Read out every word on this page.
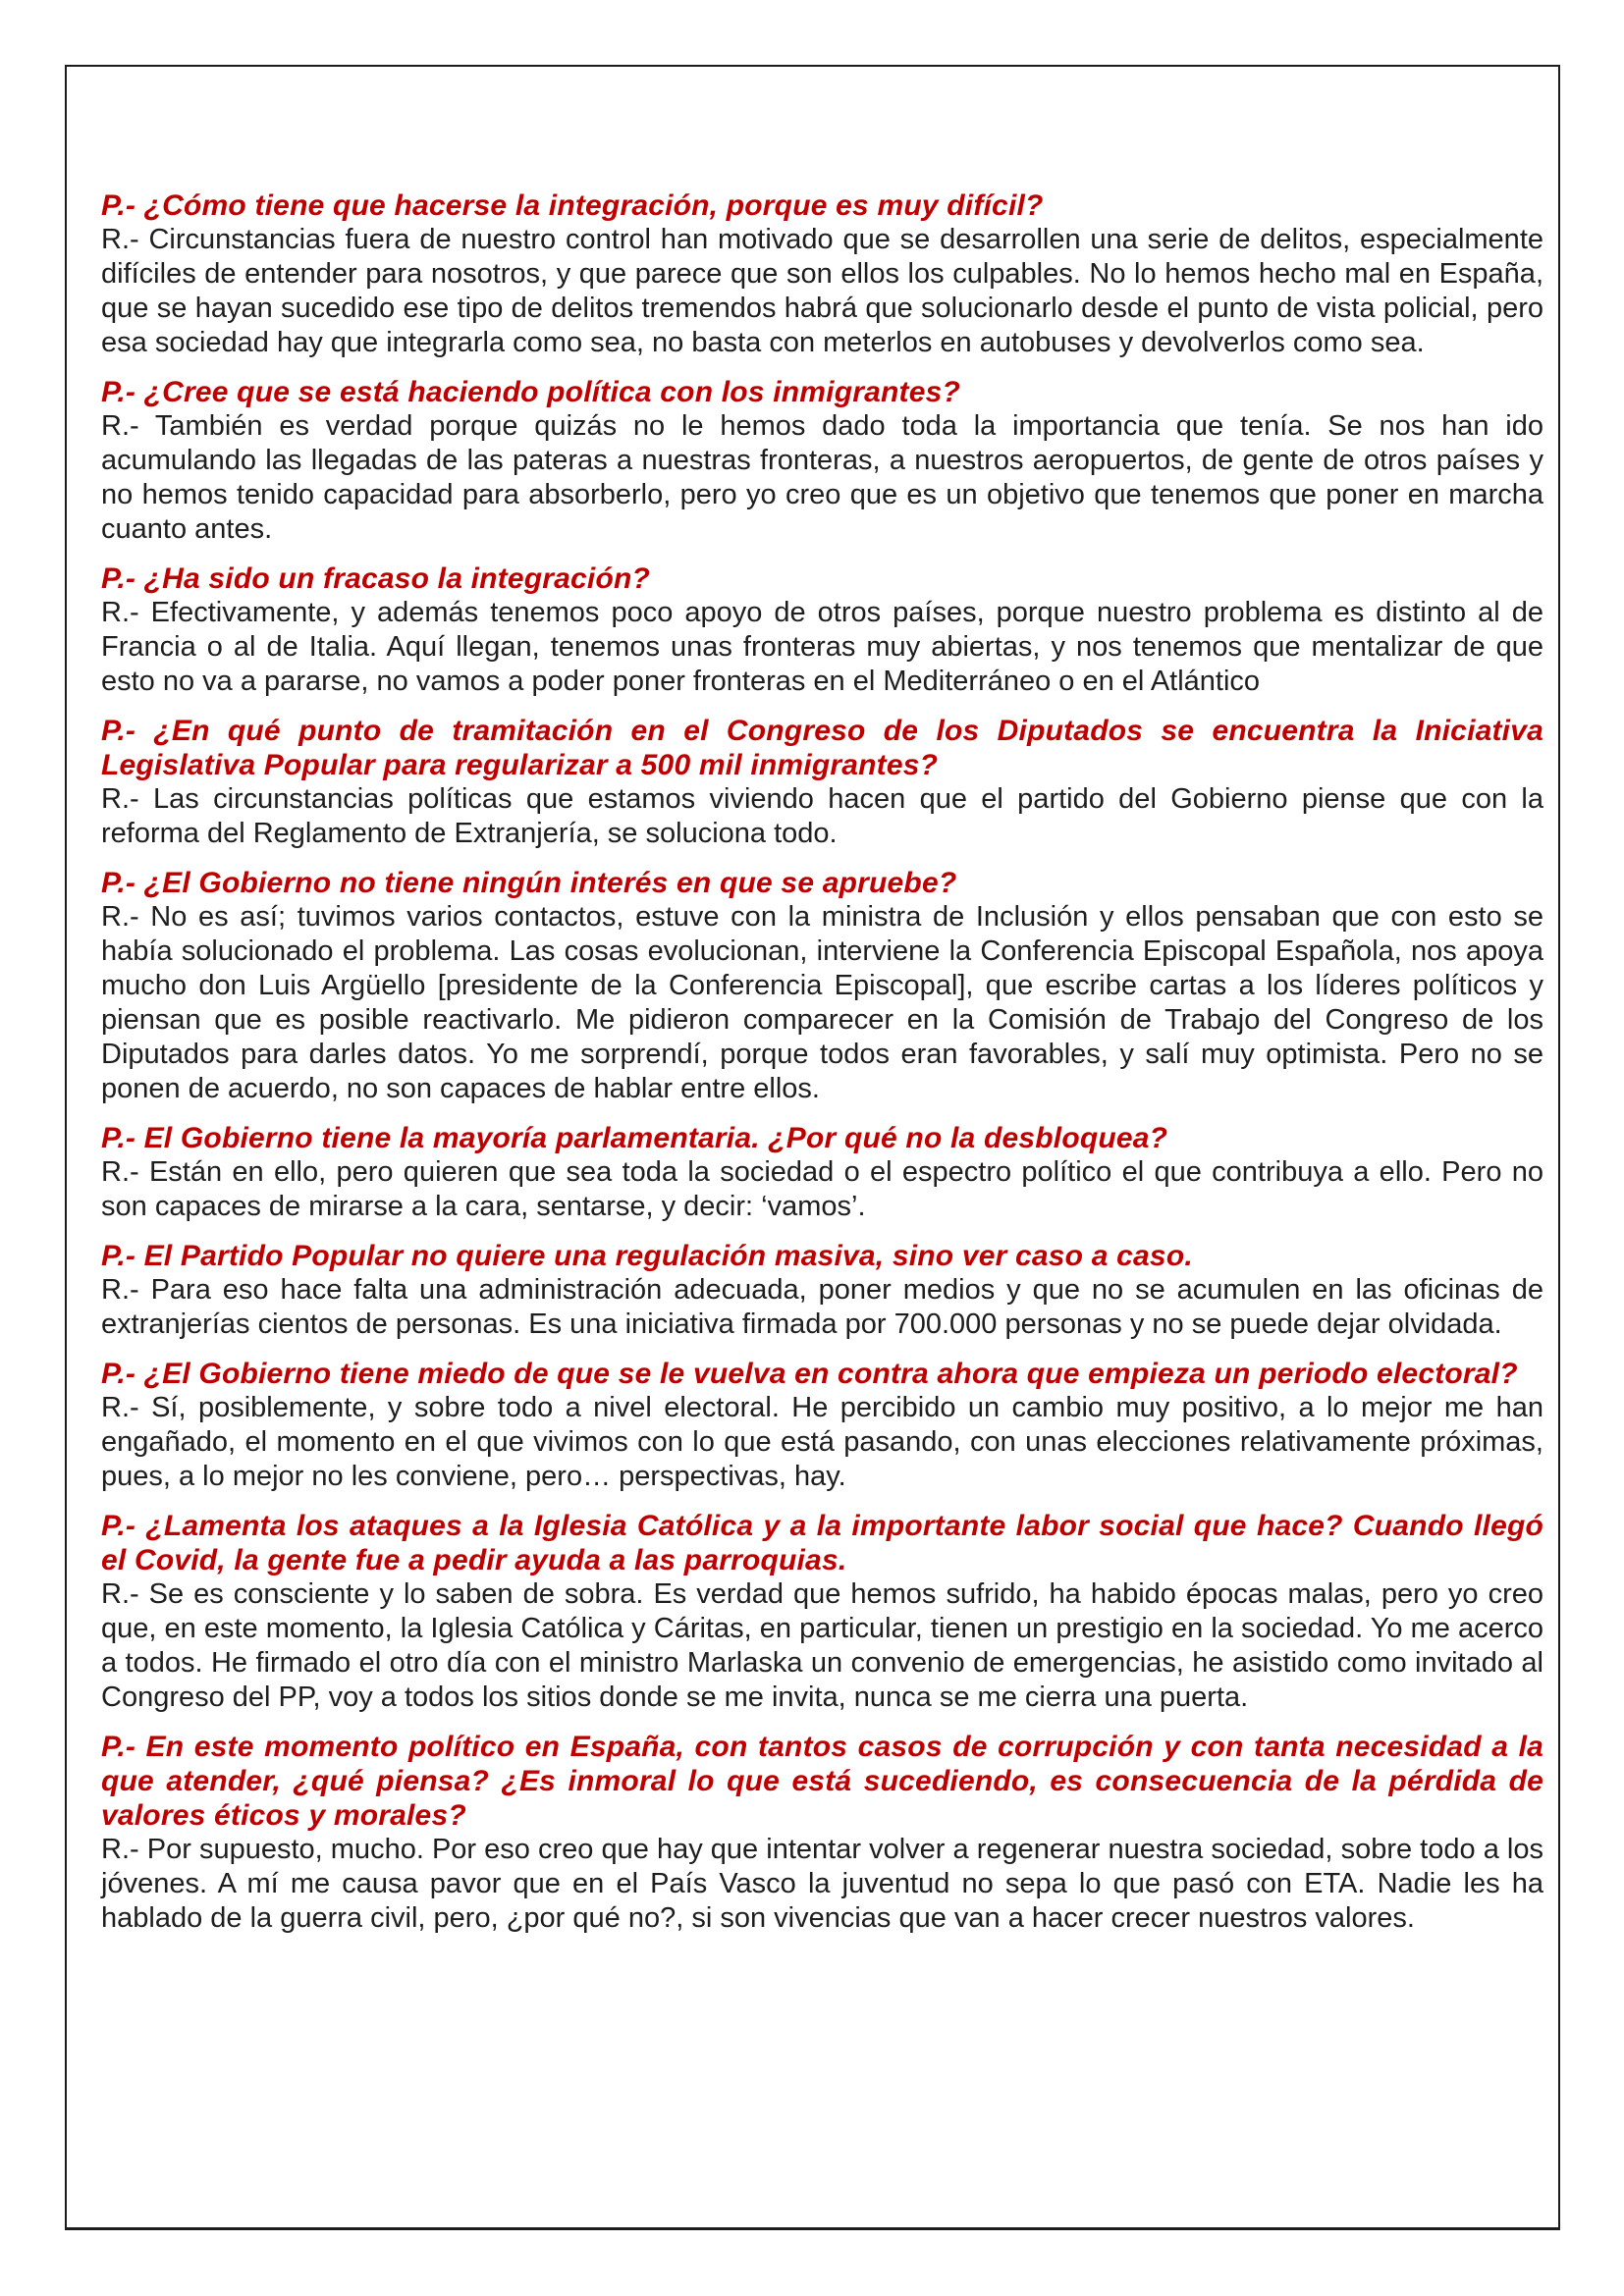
P.- ¿Cómo tiene que hacerse la integración, porque es muy difícil?

R.- Circunstancias fuera de nuestro control han motivado que se desarrollen una serie de delitos, especialmente difíciles de entender para nosotros, y que parece que son ellos los culpables. No lo hemos hecho mal en España, que se hayan sucedido ese tipo de delitos tremendos habrá que solucionarlo desde el punto de vista policial, pero esa sociedad hay que integrarla como sea, no basta con meterlos en autobuses y devolverlos como sea.

P.- ¿Cree que se está haciendo política con los inmigrantes?

R.- También es verdad porque quizás no le hemos dado toda la importancia que tenía. Se nos han ido acumulando las llegadas de las pateras a nuestras fronteras, a nuestros aeropuertos, de gente de otros países y no hemos tenido capacidad para absorberlo, pero yo creo que es un objetivo que tenemos que poner en marcha cuanto antes.

P.- ¿Ha sido un fracaso la integración?

R.- Efectivamente, y además tenemos poco apoyo de otros países, porque nuestro problema es distinto al de Francia o al de Italia. Aquí llegan, tenemos unas fronteras muy abiertas, y nos tenemos que mentalizar de que esto no va a pararse, no vamos a poder poner fronteras en el Mediterráneo o en el Atlántico

P.- ¿En qué punto de tramitación en el Congreso de los Diputados se encuentra la Iniciativa Legislativa Popular para regularizar a 500 mil inmigrantes?

R.- Las circunstancias políticas que estamos viviendo hacen que el partido del Gobierno piense que con la reforma del Reglamento de Extranjería, se soluciona todo.

P.- ¿El Gobierno no tiene ningún interés en que se apruebe?

R.- No es así; tuvimos varios contactos, estuve con la ministra de Inclusión y ellos pensaban que con esto se había solucionado el problema. Las cosas evolucionan, interviene la Conferencia Episcopal Española, nos apoya mucho don Luis Argüello [presidente de la Conferencia Episcopal], que escribe cartas a los líderes políticos y piensan que es posible reactivarlo. Me pidieron comparecer en la Comisión de Trabajo del Congreso de los Diputados para darles datos. Yo me sorprendí, porque todos eran favorables, y salí muy optimista. Pero no se ponen de acuerdo, no son capaces de hablar entre ellos.

P.- El Gobierno tiene la mayoría parlamentaria. ¿Por qué no la desbloquea?

R.- Están en ello, pero quieren que sea toda la sociedad o el espectro político el que contribuya a ello. Pero no son capaces de mirarse a la cara, sentarse, y decir: ‘vamos’.

P.- El Partido Popular no quiere una regulación masiva, sino ver caso a caso.

R.- Para eso hace falta una administración adecuada, poner medios y que no se acumulen en las oficinas de extranjerías cientos de personas. Es una iniciativa firmada por 700.000 personas y no se puede dejar olvidada.

P.- ¿El Gobierno tiene miedo de que se le vuelva en contra ahora que empieza un periodo electoral?

R.- Sí, posiblemente, y sobre todo a nivel electoral. He percibido un cambio muy positivo, a lo mejor me han engañado, el momento en el que vivimos con lo que está pasando, con unas elecciones relativamente próximas, pues, a lo mejor no les conviene, pero… perspectivas, hay.

P.- ¿Lamenta los ataques a la Iglesia Católica y a la importante labor social que hace? Cuando llegó el Covid, la gente fue a pedir ayuda a las parroquias.

R.- Se es consciente y lo saben de sobra. Es verdad que hemos sufrido, ha habido épocas malas, pero yo creo que, en este momento, la Iglesia Católica y Cáritas, en particular, tienen un prestigio en la sociedad. Yo me acerco a todos. He firmado el otro día con el ministro Marlaska un convenio de emergencias, he asistido como invitado al Congreso del PP, voy a todos los sitios donde se me invita, nunca se me cierra una puerta.

P.- En este momento político en España, con tantos casos de corrupción y con tanta necesidad a la que atender, ¿qué piensa? ¿Es inmoral lo que está sucediendo, es consecuencia de la pérdida de valores éticos y morales?

R.- Por supuesto, mucho. Por eso creo que hay que intentar volver a regenerar nuestra sociedad, sobre todo a los jóvenes. A mí me causa pavor que en el País Vasco la juventud no sepa lo que pasó con ETA. Nadie les ha hablado de la guerra civil, pero, ¿por qué no?, si son vivencias que van a hacer crecer nuestros valores.
